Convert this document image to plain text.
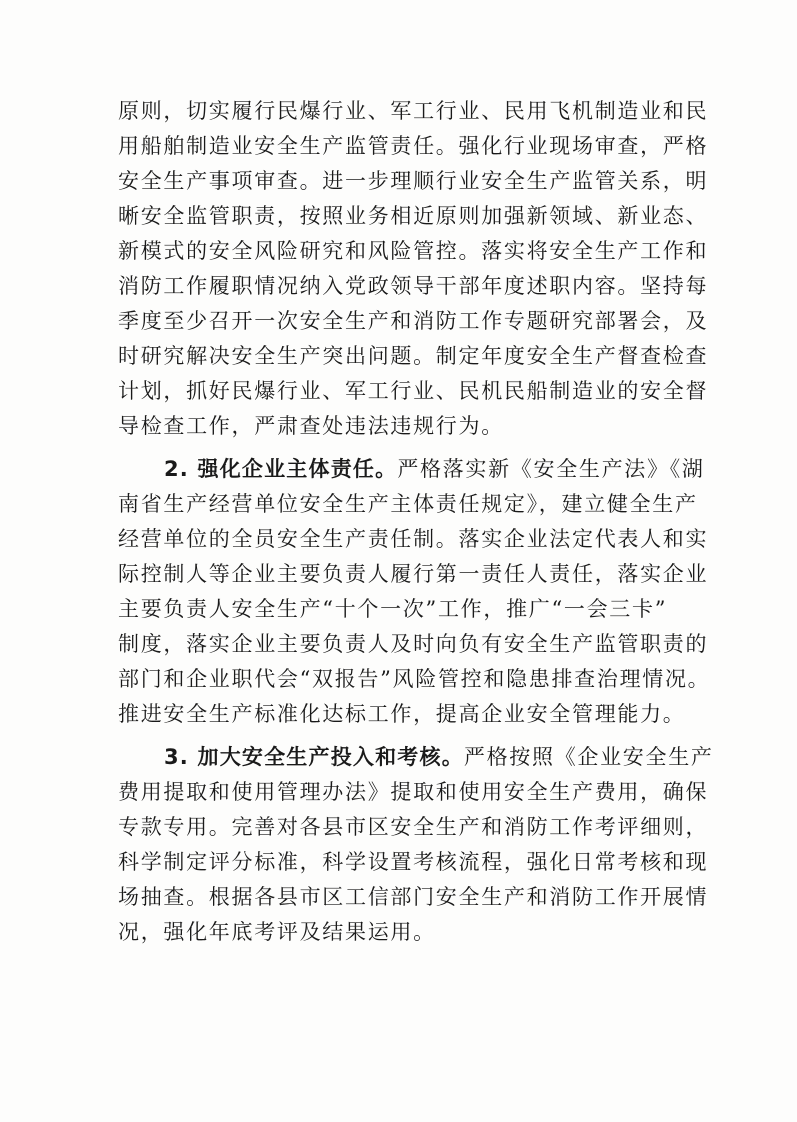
原则，切实履行民爆行业、军工行业、民用飞机制造业和民

用船舶制造业安全生产监管责任。强化行业现场审查，严格

安全生产事项审查。进一步理顺行业安全生产监管关系，明

晰安全监管职责，按照业务相近原则加强新领域、新业态、

新模式的安全风险研究和风险管控。落实将安全生产工作和

消防工作履职情况纳入党政领导干部年度述职内容。坚持每

季度至少召开一次安全生产和消防工作专题研究部署会，及

时研究解决安全生产突出问题。制定年度安全生产督查检查

计划，抓好民爆行业、军工行业、民机民船制造业的安全督

导检查工作，严肃查处违法违规行为。

2. 强化企业主体责任。严格落实新《安全生产法》《湖

南省生产经营单位安全生产主体责任规定》，建立健全生产

经营单位的全员安全生产责任制。落实企业法定代表人和实

际控制人等企业主要负责人履行第一责任人责任，落实企业

主要负责人安全生产“十个一次”工作，推广“一会三卡”

制度，落实企业主要负责人及时向负有安全生产监管职责的

部门和企业职代会“双报告”风险管控和隐患排查治理情况。

推进安全生产标准化达标工作，提高企业安全管理能力。

3. 加大安全生产投入和考核。严格按照《企业安全生产

费用提取和使用管理办法》提取和使用安全生产费用，确保

专款专用。完善对各县市区安全生产和消防工作考评细则，

科学制定评分标准，科学设置考核流程，强化日常考核和现

场抽查。根据各县市区工信部门安全生产和消防工作开展情

况，强化年底考评及结果运用。
